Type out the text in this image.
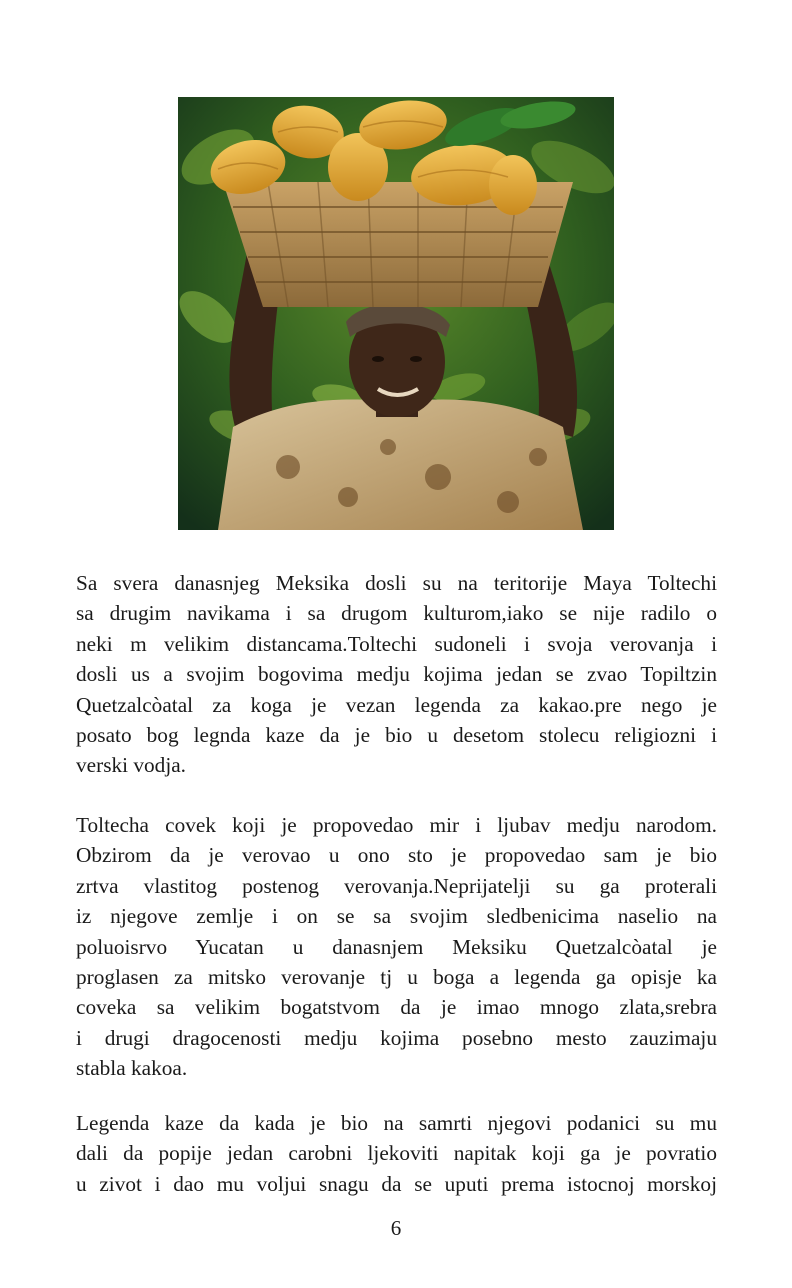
Sa svera danasnjeg Meksika dosli su na teritorije Maya Toltechi
sa drugim navikama i sa drugom kulturom,iako se nije radilo o
neki m velikim distancama.Toltechi sudoneli i svoja verovanja i
dosli us a svojim bogovima medju kojima jedan se zvao Topiltzin
Quetzalcòatal za koga je vezan legenda za kakao.pre nego je
posato bog legnda kaze da je bio u desetom stolecu religiozni i
verski vodja.
Toltecha covek koji je propovedao mir i ljubav medju narodom.
Obzirom da je verovao u ono sto je propovedao sam je bio
zrtva vlastitog postenog verovanja.Neprijatelji su ga proterali
iz njegove zemlje i on se sa svojim sledbenicima naselio na
poluoisrvo Yucatan u danasnjem Meksiku Quetzalcòatal je
proglasen za mitsko verovanje tj u boga a legenda ga opisje ka
coveka sa velikim bogatstvom da je imao mnogo zlata,srebra
i drugi dragocenosti medju kojima posebno mesto zauzimaju
stabla kakoa.
Legenda kaze da kada je bio na samrti njegovi podanici su mu
dali da popije jedan carobni ljekoviti napitak koji ga je povratio
u zivot i dao mu voljui snagu da se uputi prema istocnoj morskoj
6
